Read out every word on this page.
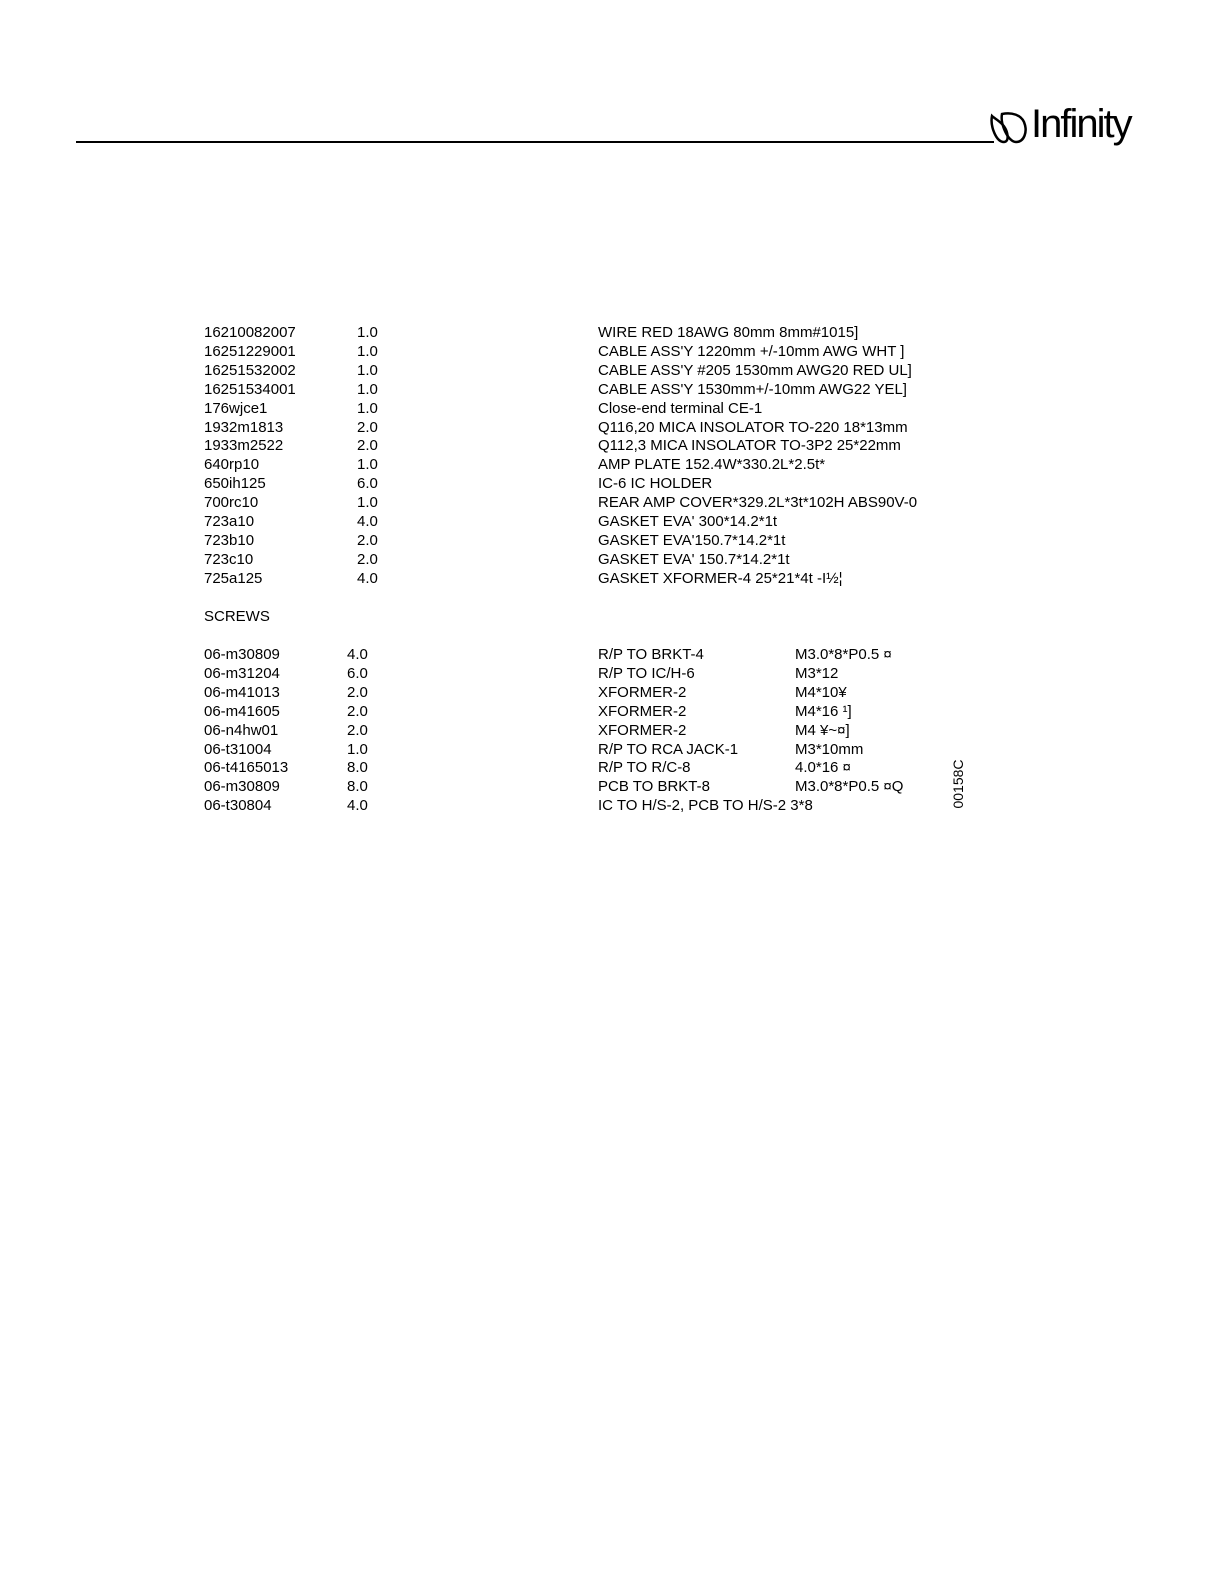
Infinity
16210082007	1.0	WIRE RED 18AWG 80mm 8mm#1015]
16251229001	1.0	CABLE ASS'Y 1220mm +/-10mm AWG WHT ]
16251532002	1.0	CABLE ASS'Y #205 1530mm AWG20 RED UL]
16251534001	1.0	CABLE ASS'Y 1530mm+/-10mm AWG22 YEL]
176wjce1	1.0	Close-end terminal CE-1
1932m1813	2.0	Q116,20 MICA INSOLATOR TO-220 18*13mm
1933m2522	2.0	Q112,3 MICA INSOLATOR TO-3P2 25*22mm
640rp10	1.0	AMP PLATE 152.4W*330.2L*2.5t*
650ih125	6.0	IC-6 IC HOLDER
700rc10	1.0	REAR AMP COVER*329.2L*3t*102H ABS90V-0
723a10	4.0	GASKET EVA' 300*14.2*1t
723b10	2.0	GASKET EVA'150.7*14.2*1t
723c10	2.0	GASKET EVA' 150.7*14.2*1t
725a125	4.0	GASKET XFORMER-4 25*21*4t -I½¦
SCREWS
06-m30809	4.0	R/P TO BRKT-4	M3.0*8*P0.5 ¤
06-m31204	6.0	R/P TO IC/H-6	M3*12
06-m41013	2.0	XFORMER-2	M4*10¥
06-m41605	2.0	XFORMER-2	M4*16 ¹]
06-n4hw01	2.0	XFORMER-2	M4 ¥~¤]
06-t31004	1.0	R/P TO RCA JACK-1	M3*10mm
06-t4165013	8.0	R/P TO R/C-8	4.0*16 ¤
06-m30809	8.0	PCB TO BRKT-8	M3.0*8*P0.5 ¤Q
06-t30804	4.0	IC TO H/S-2, PCB TO H/S-2 3*8	00158C
